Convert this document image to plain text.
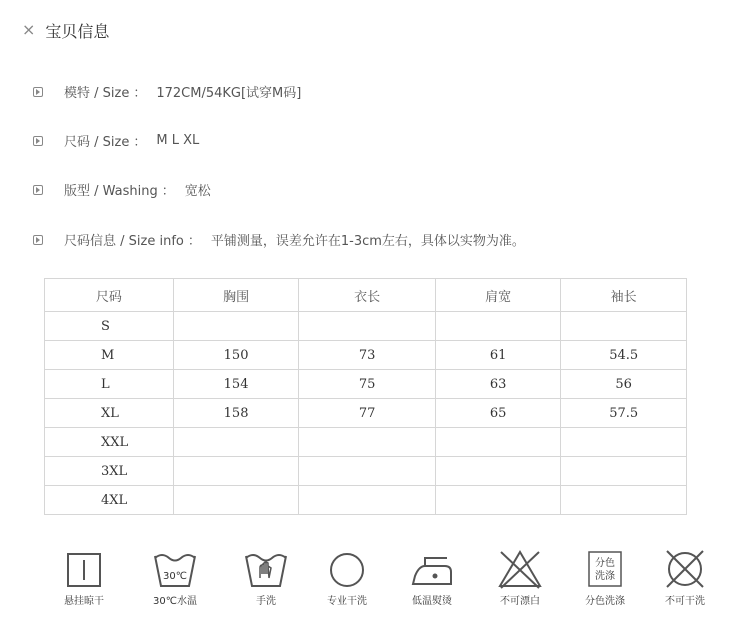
× 宝贝信息
模特 / Size ： 172CM/54KG[试穿M码]
尺码 / Size ： M L XL
版型 / Washing ： 宽松
尺码信息 / Size info ： 平铺测量，误差允许在1-3cm左右，具体以实物为准。
尺码	胸围	衣长	肩宽	袖长
S				
M	150	73	61	54.5
L	154	75	63	56
XL	158	77	65	57.5
XXL				
3XL				
4XL				
悬挂晾干
30℃
30℃水温	手洗	专业干洗	低温熨烫	不可漂白
分色
洗涤
分色洗涤	不可干洗
